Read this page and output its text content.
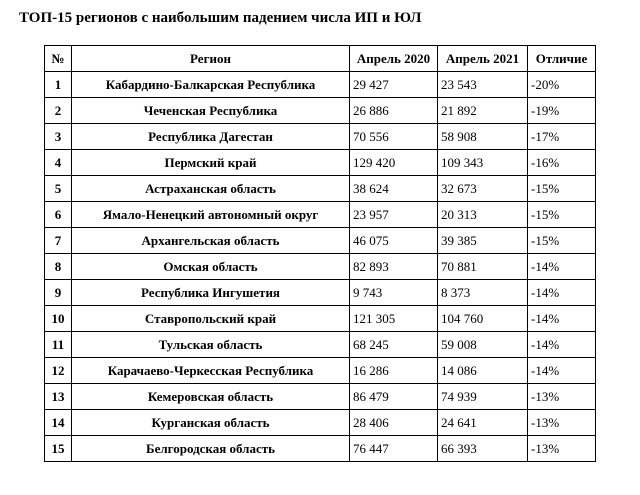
ТОП-15 регионов с наибольшим падением числа ИП и ЮЛ
№	Регион	Апрель 2020	Апрель 2021	Отличие
1	Кабардино-Балкарская Республика	29 427	23 543	-20%
2	Чеченская Республика	26 886	21 892	-19%
3	Республика Дагестан	70 556	58 908	-17%
4	Пермский край	129 420	109 343	-16%
5	Астраханская область	38 624	32 673	-15%
6	Ямало-Ненецкий автономный округ	23 957	20 313	-15%
7	Архангельская область	46 075	39 385	-15%
8	Омская область	82 893	70 881	-14%
9	Республика Ингушетия	9 743	8 373	-14%
10	Ставропольский край	121 305	104 760	-14%
11	Тульская область	68 245	59 008	-14%
12	Карачаево-Черкесская Республика	16 286	14 086	-14%
13	Кемеровская область	86 479	74 939	-13%
14	Курганская область	28 406	24 641	-13%
15	Белгородская область	76 447	66 393	-13%
